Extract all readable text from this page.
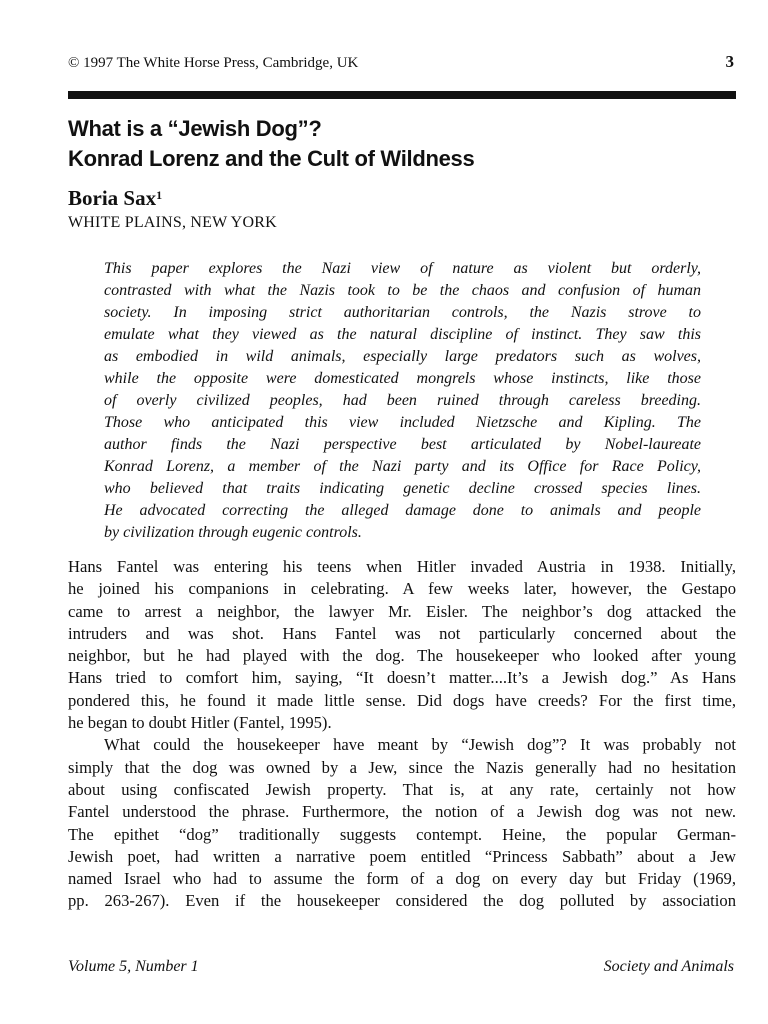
© 1997 The White Horse Press, Cambridge, UK	3
What is a “Jewish Dog”?
Konrad Lorenz and the Cult of Wildness
Boria Sax$^1$
WHITE PLAINS, NEW YORK

This paper explores the Nazi view of nature as violent but orderly,
contrasted with what the Nazis took to be the chaos and confusion of human
society. In imposing strict authoritarian controls, the Nazis strove to
emulate what they viewed as the natural discipline of instinct. They saw this
as embodied in wild animals, especially large predators such as wolves,
while the opposite were domesticated mongrels whose instincts, like those
of overly civilized peoples, had been ruined through careless breeding.
Those who anticipated this view included Nietzsche and Kipling. The
author finds the Nazi perspective best articulated by Nobel-laureate
Konrad Lorenz, a member of the Nazi party and its Office for Race Policy,
who believed that traits indicating genetic decline crossed species lines.
He advocated correcting the alleged damage done to animals and people
by civilization through eugenic controls.

Hans Fantel was entering his teens when Hitler invaded Austria in 1938. Initially,
he joined his companions in celebrating. A few weeks later, however, the Gestapo
came to arrest a neighbor, the lawyer Mr. Eisler. The neighbor’s dog attacked the
intruders and was shot. Hans Fantel was not particularly concerned about the
neighbor, but he had played with the dog. The housekeeper who looked after young
Hans tried to comfort him, saying, “It doesn’t matter....It’s a Jewish dog.” As Hans
pondered this, he found it made little sense. Did dogs have creeds? For the first time,
he began to doubt Hitler (Fantel, 1995).
What could the housekeeper have meant by “Jewish dog”? It was probably not
simply that the dog was owned by a Jew, since the Nazis generally had no hesitation
about using confiscated Jewish property. That is, at any rate, certainly not how
Fantel understood the phrase. Furthermore, the notion of a Jewish dog was not new.
The epithet “dog” traditionally suggests contempt. Heine, the popular German-
Jewish poet, had written a narrative poem entitled “Princess Sabbath” about a Jew
named Israel who had to assume the form of a dog on every day but Friday (1969,
pp. 263-267). Even if the housekeeper considered the dog polluted by association
Volume 5, Number 1	Society and Animals
